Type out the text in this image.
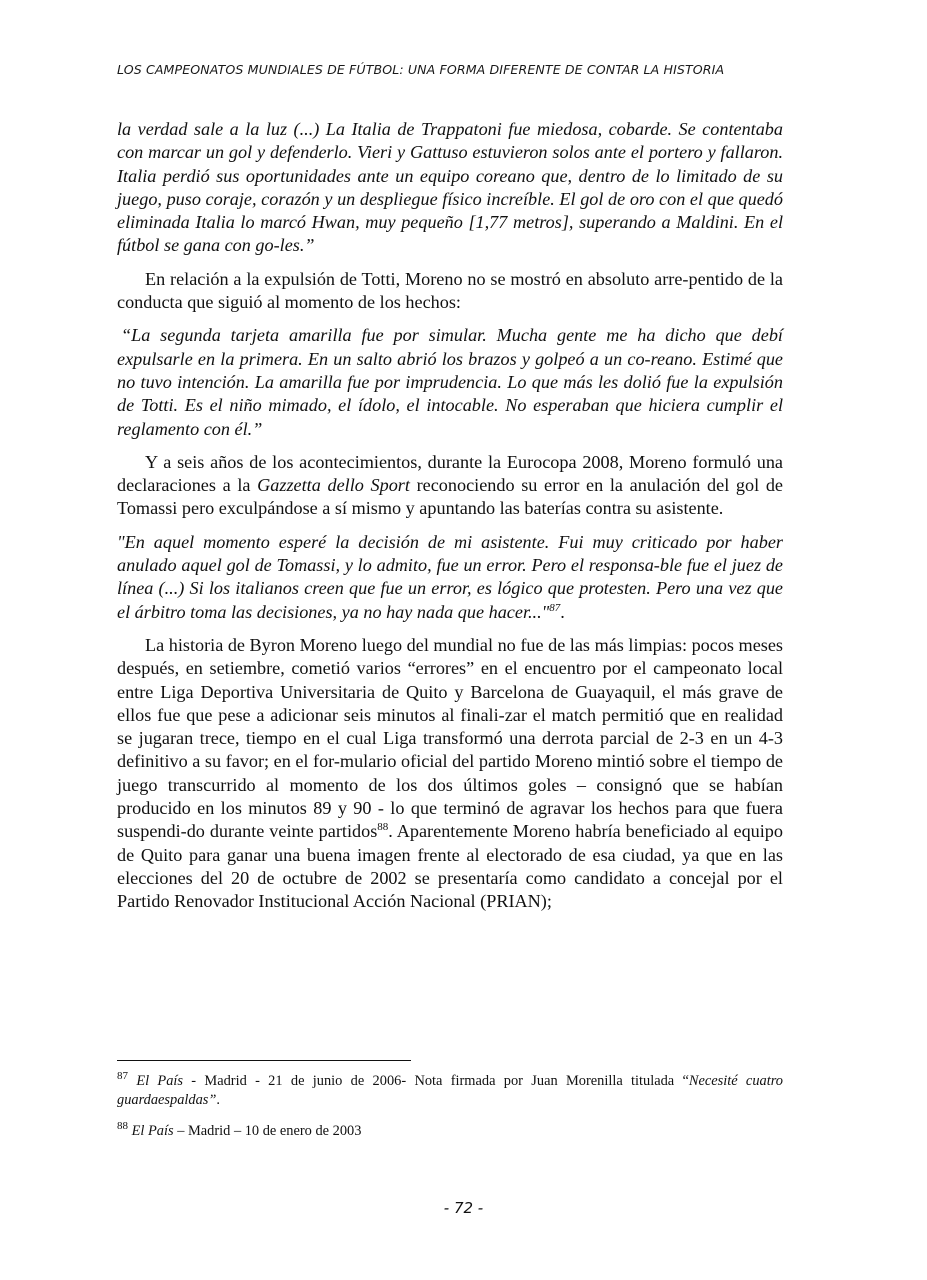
LOS CAMPEONATOS MUNDIALES DE FÚTBOL: UNA FORMA DIFERENTE DE CONTAR LA HISTORIA

la verdad sale a la luz (...) La Italia de Trappatoni fue miedosa, cobarde. Se contentaba con marcar un gol y defenderlo. Vieri y Gattuso estuvieron solos ante el portero y fallaron. Italia perdió sus oportunidades ante un equipo coreano que, dentro de lo limitado de su juego, puso coraje, corazón y un despliegue físico increíble. El gol de oro con el que quedó eliminada Italia lo marcó Hwan, muy pequeño [1,77 metros], superando a Maldini. En el fútbol se gana con go-les.”

En relación a la expulsión de Totti, Moreno no se mostró en absoluto arre-pentido de la conducta que siguió al momento de los hechos:

“La segunda tarjeta amarilla fue por simular. Mucha gente me ha dicho que debí expulsarle en la primera. En un salto abrió los brazos y golpeó a un co-reano. Estimé que no tuvo intención. La amarilla fue por imprudencia. Lo que más les dolió fue la expulsión de Totti. Es el niño mimado, el ídolo, el intocable. No esperaban que hiciera cumplir el reglamento con él.”

Y a seis años de los acontecimientos, durante la Eurocopa 2008, Moreno formuló una declaraciones a la Gazzetta dello Sport reconociendo su error en la anulación del gol de Tomassi pero exculpándose a sí mismo y apuntando las baterías contra su asistente.

"En aquel momento esperé la decisión de mi asistente. Fui muy criticado por haber anulado aquel gol de Tomassi, y lo admito, fue un error. Pero el responsa-ble fue el juez de línea (...) Si los italianos creen que fue un error, es lógico que protesten. Pero una vez que el árbitro toma las decisiones, ya no hay nada que hacer..."$^{87}$.

La historia de Byron Moreno luego del mundial no fue de las más limpias: pocos meses después, en setiembre, cometió varios “errores” en el encuentro por el campeonato local entre Liga Deportiva Universitaria de Quito y Barcelona de Guayaquil, el más grave de ellos fue que pese a adicionar seis minutos al finali-zar el match permitió que en realidad se jugaran trece, tiempo en el cual Liga transformó una derrota parcial de 2-3 en un 4-3 definitivo a su favor; en el for-mulario oficial del partido Moreno mintió sobre el tiempo de juego transcurrido al momento de los dos últimos goles – consignó que se habían producido en los minutos 89 y 90 - lo que terminó de agravar los hechos para que fuera suspendi-do durante veinte partidos$^{88}$. Aparentemente Moreno habría beneficiado al equipo de Quito para ganar una buena imagen frente al electorado de esa ciudad, ya que en las elecciones del 20 de octubre de 2002 se presentaría como candidato a concejal por el Partido Renovador Institucional Acción Nacional (PRIAN);

$^{87}$ El País - Madrid - 21 de junio de 2006- Nota firmada por Juan Morenilla titulada “Necesité cuatro guardaespaldas”.

$^{88}$ El País – Madrid – 10 de enero de 2003

- 72 -
